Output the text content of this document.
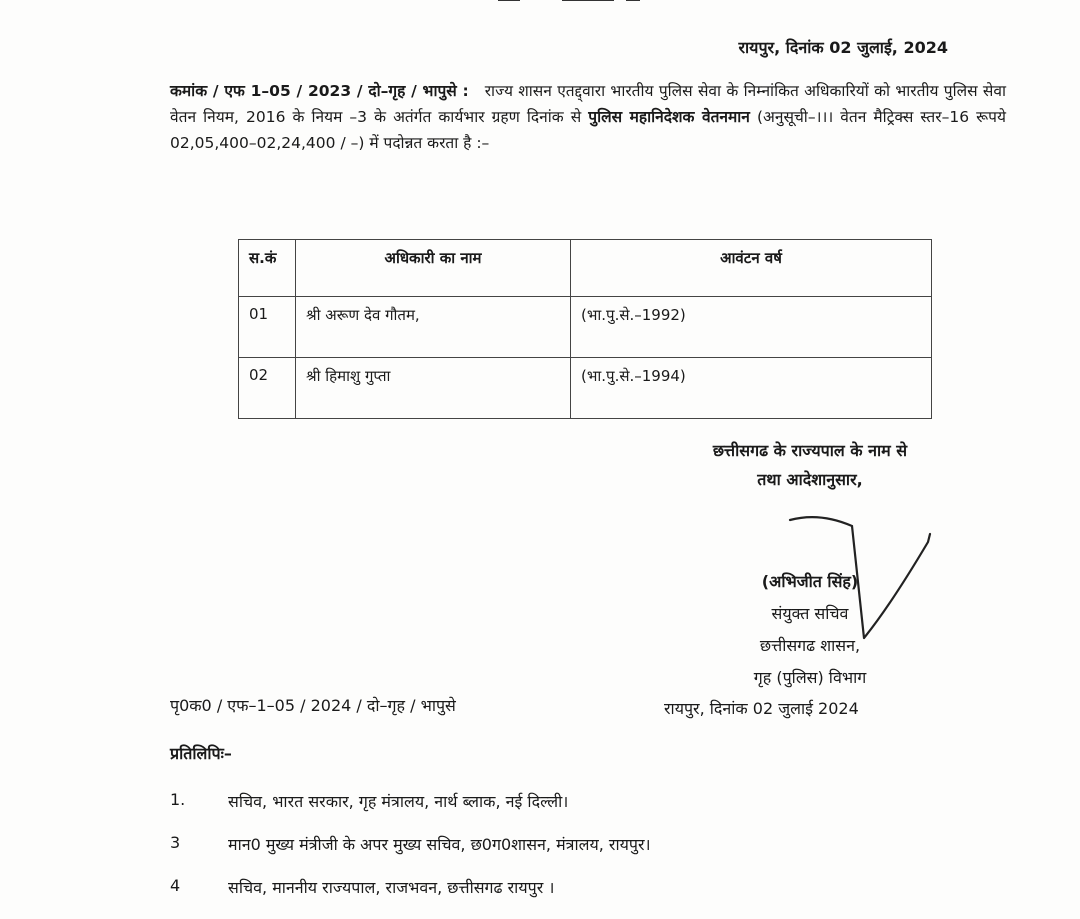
रायपुर, दिनांक 02 जुलाई, 2024
कमांक / एफ 1–05 / 2023 / दो–गृह / भापुसे : राज्य शासन एतद्द्वारा भारतीय पुलिस सेवा के निम्नांकित अधिकारियों को भारतीय पुलिस सेवा वेतन नियम, 2016 के नियम –3 के अतंर्गत कार्यभार ग्रहण दिनांक से पुलिस महानिदेशक वेतनमान (अनुसूची–।।। वेतन मैट्रिक्स स्तर–16 रूपये 02,05,400–02,24,400 / –) में पदोन्नत करता है :–
स.कं	अधिकारी का नाम	आवंटन वर्ष
01	श्री अरूण देव गौतम,	(भा.पु.से.–1992)
02	श्री हिमाशु गुप्ता	(भा.पु.से.–1994)
छत्तीसगढ के राज्यपाल के नाम से
तथा आदेशानुसार,
(अभिजीत सिंह)
संयुक्त सचिव
छत्तीसगढ शासन,
गृह (पुलिस) विभाग
पृ0क0 / एफ–1–05 / 2024 / दो–गृह / भापुसे	रायपुर, दिनांक 02 जुलाई 2024
प्रतिलिपिः–
1.	सचिव, भारत सरकार, गृह मंत्रालय, नार्थ ब्लाक, नई दिल्ली।
3	मान0 मुख्य मंत्रीजी के अपर मुख्य सचिव, छ0ग0शासन, मंत्रालय, रायपुर।
4	सचिव, माननीय राज्यपाल, राजभवन, छत्तीसगढ रायपुर ।
